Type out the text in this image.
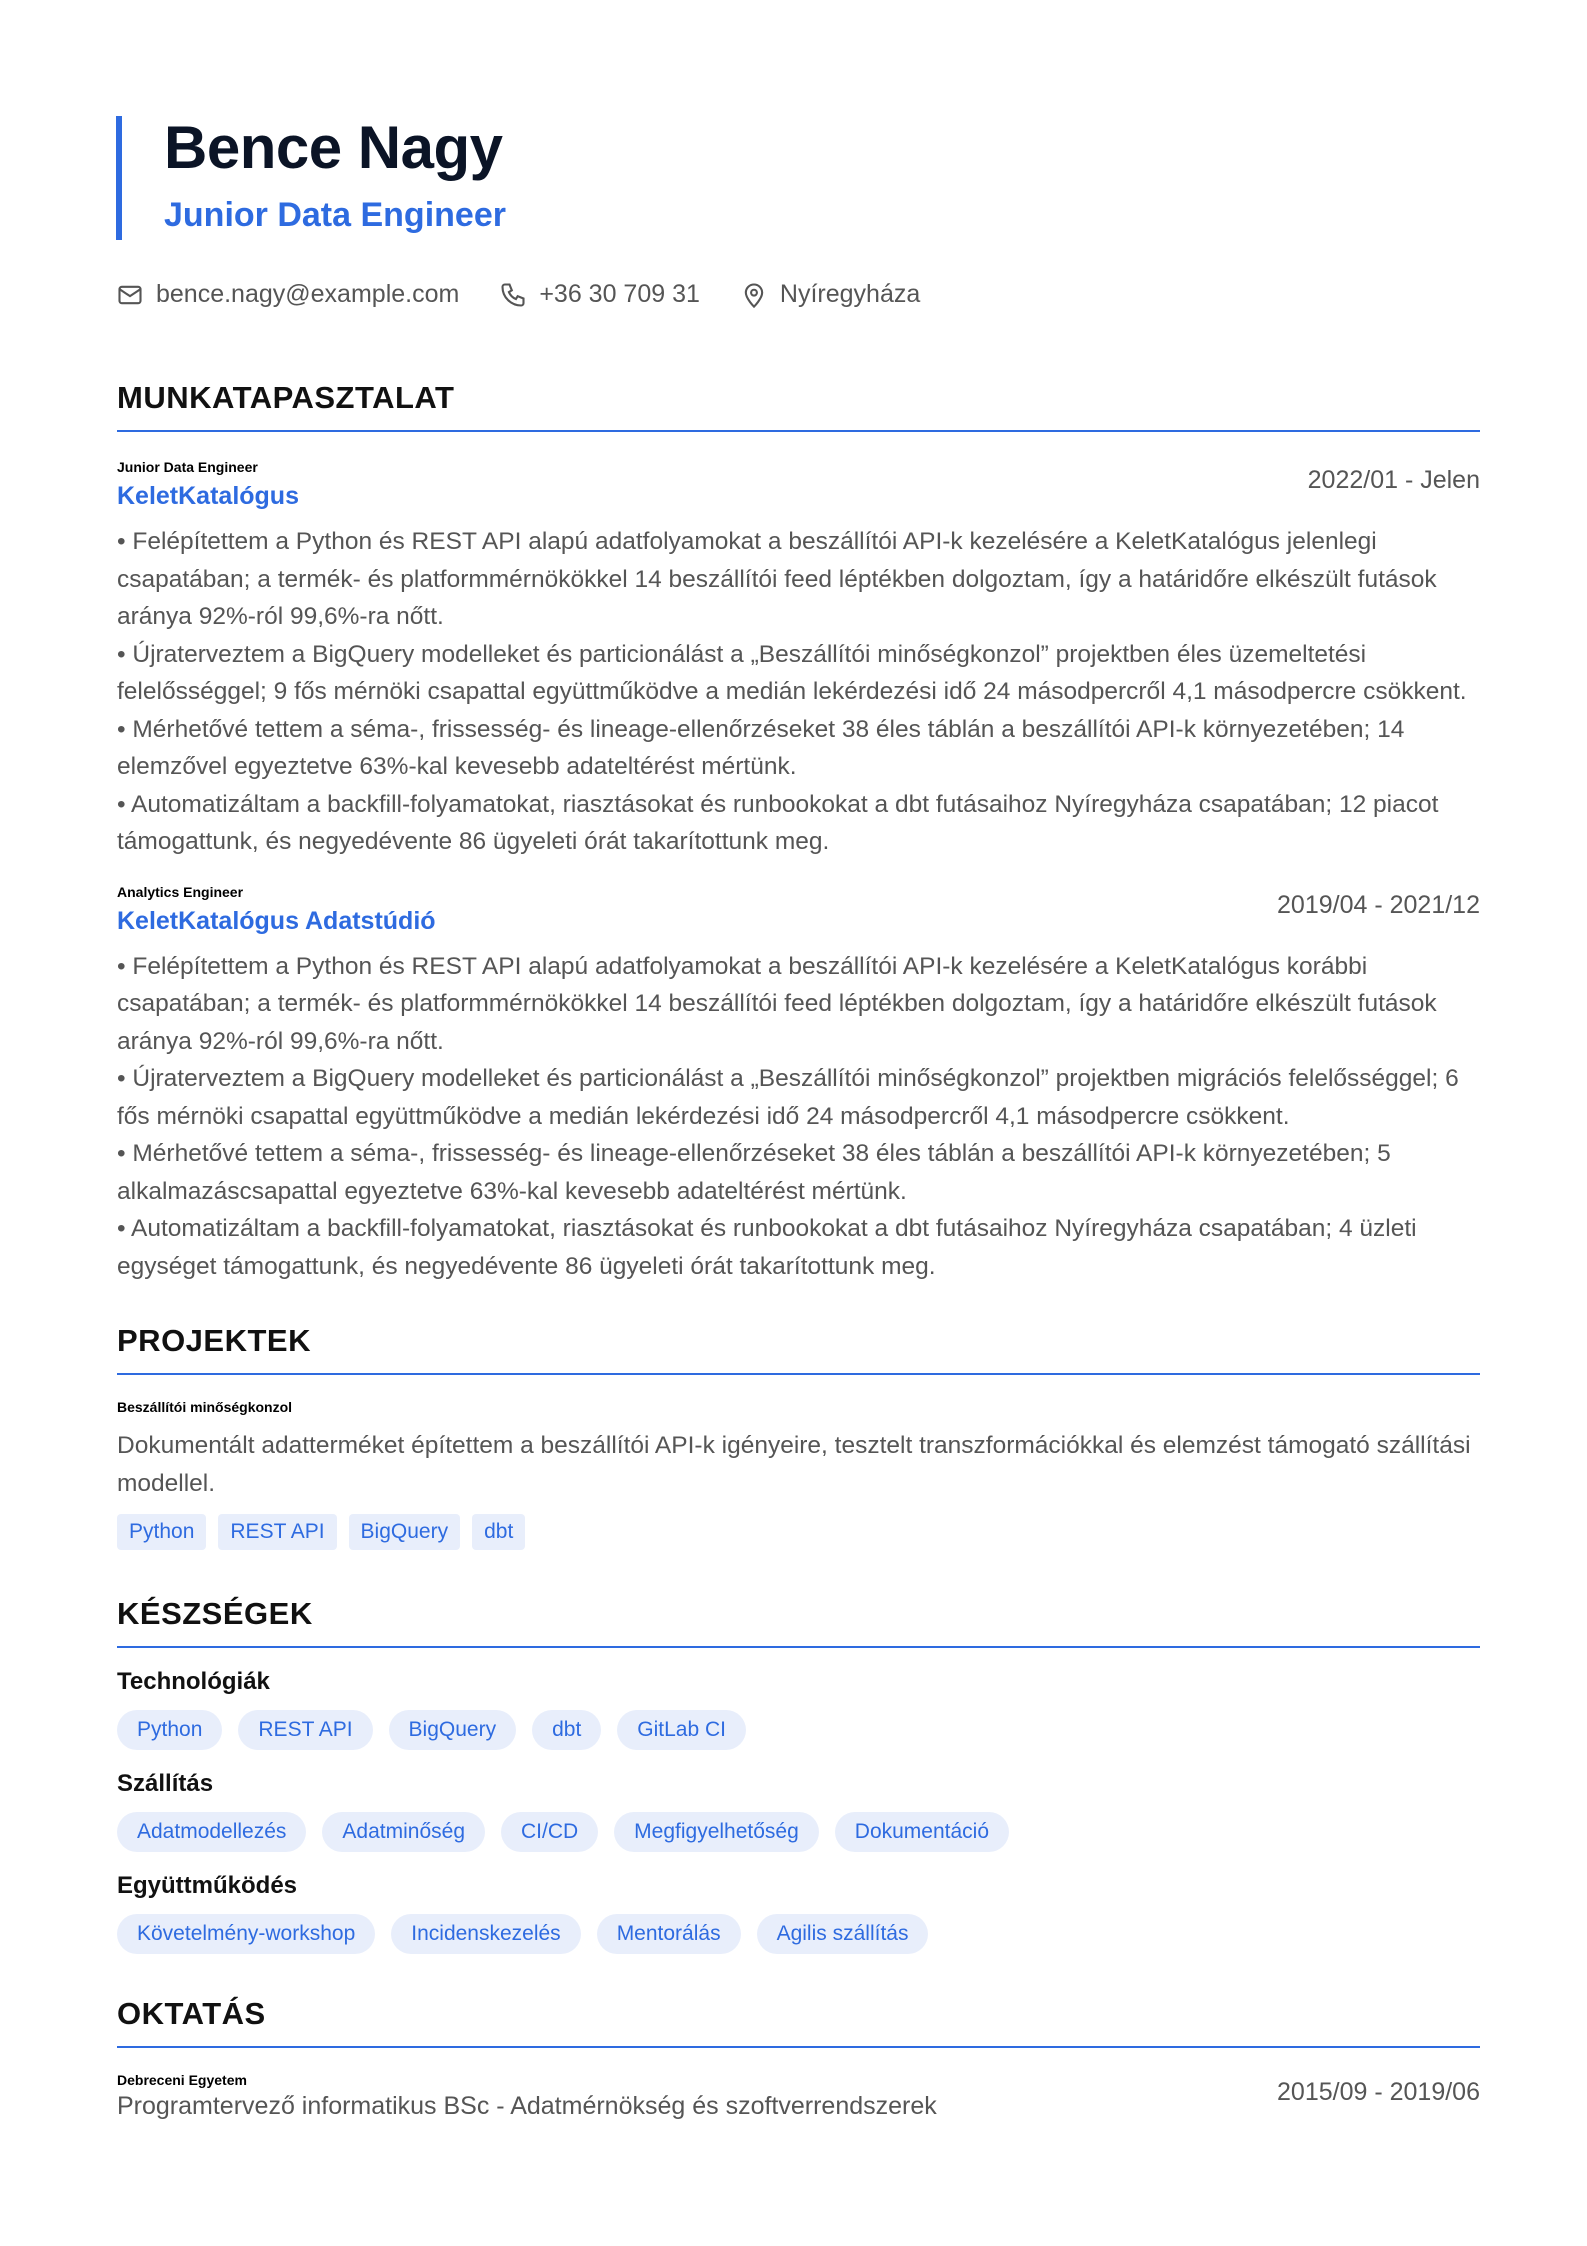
Bence Nagy
Junior Data Engineer
bence.nagy@example.com	+36 30 709 31	Nyíregyháza
MUNKATAPASZTALAT
Junior Data Engineer
KeletKatalógus
2022/01 - Jelen
• Felépítettem a Python és REST API alapú adatfolyamokat a beszállítói API-k kezelésére a KeletKatalógus jelenlegi csapatában; a termék- és platformmérnökökkel 14 beszállítói feed léptékben dolgoztam, így a határidőre elkészült futások aránya 92%-ról 99,6%-ra nőtt.
• Újraterveztem a BigQuery modelleket és particionálást a „Beszállítói minőségkonzol” projektben éles üzemeltetési felelősséggel; 9 fős mérnöki csapattal együttműködve a medián lekérdezési idő 24 másodpercről 4,1 másodpercre csökkent.
• Mérhetővé tettem a séma-, frissesség- és lineage-ellenőrzéseket 38 éles táblán a beszállítói API-k környezetében; 14 elemzővel egyeztetve 63%-kal kevesebb adateltérést mértünk.
• Automatizáltam a backfill-folyamatokat, riasztásokat és runbookokat a dbt futásaihoz Nyíregyháza csapatában; 12 piacot támogattunk, és negyedévente 86 ügyeleti órát takarítottunk meg.
Analytics Engineer
KeletKatalógus Adatstúdió
2019/04 - 2021/12
• Felépítettem a Python és REST API alapú adatfolyamokat a beszállítói API-k kezelésére a KeletKatalógus korábbi csapatában; a termék- és platformmérnökökkel 14 beszállítói feed léptékben dolgoztam, így a határidőre elkészült futások aránya 92%-ról 99,6%-ra nőtt.
• Újraterveztem a BigQuery modelleket és particionálást a „Beszállítói minőségkonzol” projektben migrációs felelősséggel; 6 fős mérnöki csapattal együttműködve a medián lekérdezési idő 24 másodpercről 4,1 másodpercre csökkent.
• Mérhetővé tettem a séma-, frissesség- és lineage-ellenőrzéseket 38 éles táblán a beszállítói API-k környezetében; 5 alkalmazáscsapattal egyeztetve 63%-kal kevesebb adateltérést mértünk.
• Automatizáltam a backfill-folyamatokat, riasztásokat és runbookokat a dbt futásaihoz Nyíregyháza csapatában; 4 üzleti egységet támogattunk, és negyedévente 86 ügyeleti órát takarítottunk meg.
PROJEKTEK
Beszállítói minőségkonzol
Dokumentált adatterméket építettem a beszállítói API-k igényeire, tesztelt transzformációkkal és elemzést támogató szállítási modellel.
Python	REST API	BigQuery	dbt
KÉSZSÉGEK
Technológiák
Python	REST API	BigQuery	dbt	GitLab CI
Szállítás
Adatmodellezés	Adatminőség	CI/CD	Megfigyelhetőség	Dokumentáció
Együttműködés
Követelmény-workshop	Incidenskezelés	Mentorálás	Agilis szállítás
OKTATÁS
Debreceni Egyetem
Programtervező informatikus BSc - Adatmérnökség és szoftverrendszerek	2015/09 - 2019/06
